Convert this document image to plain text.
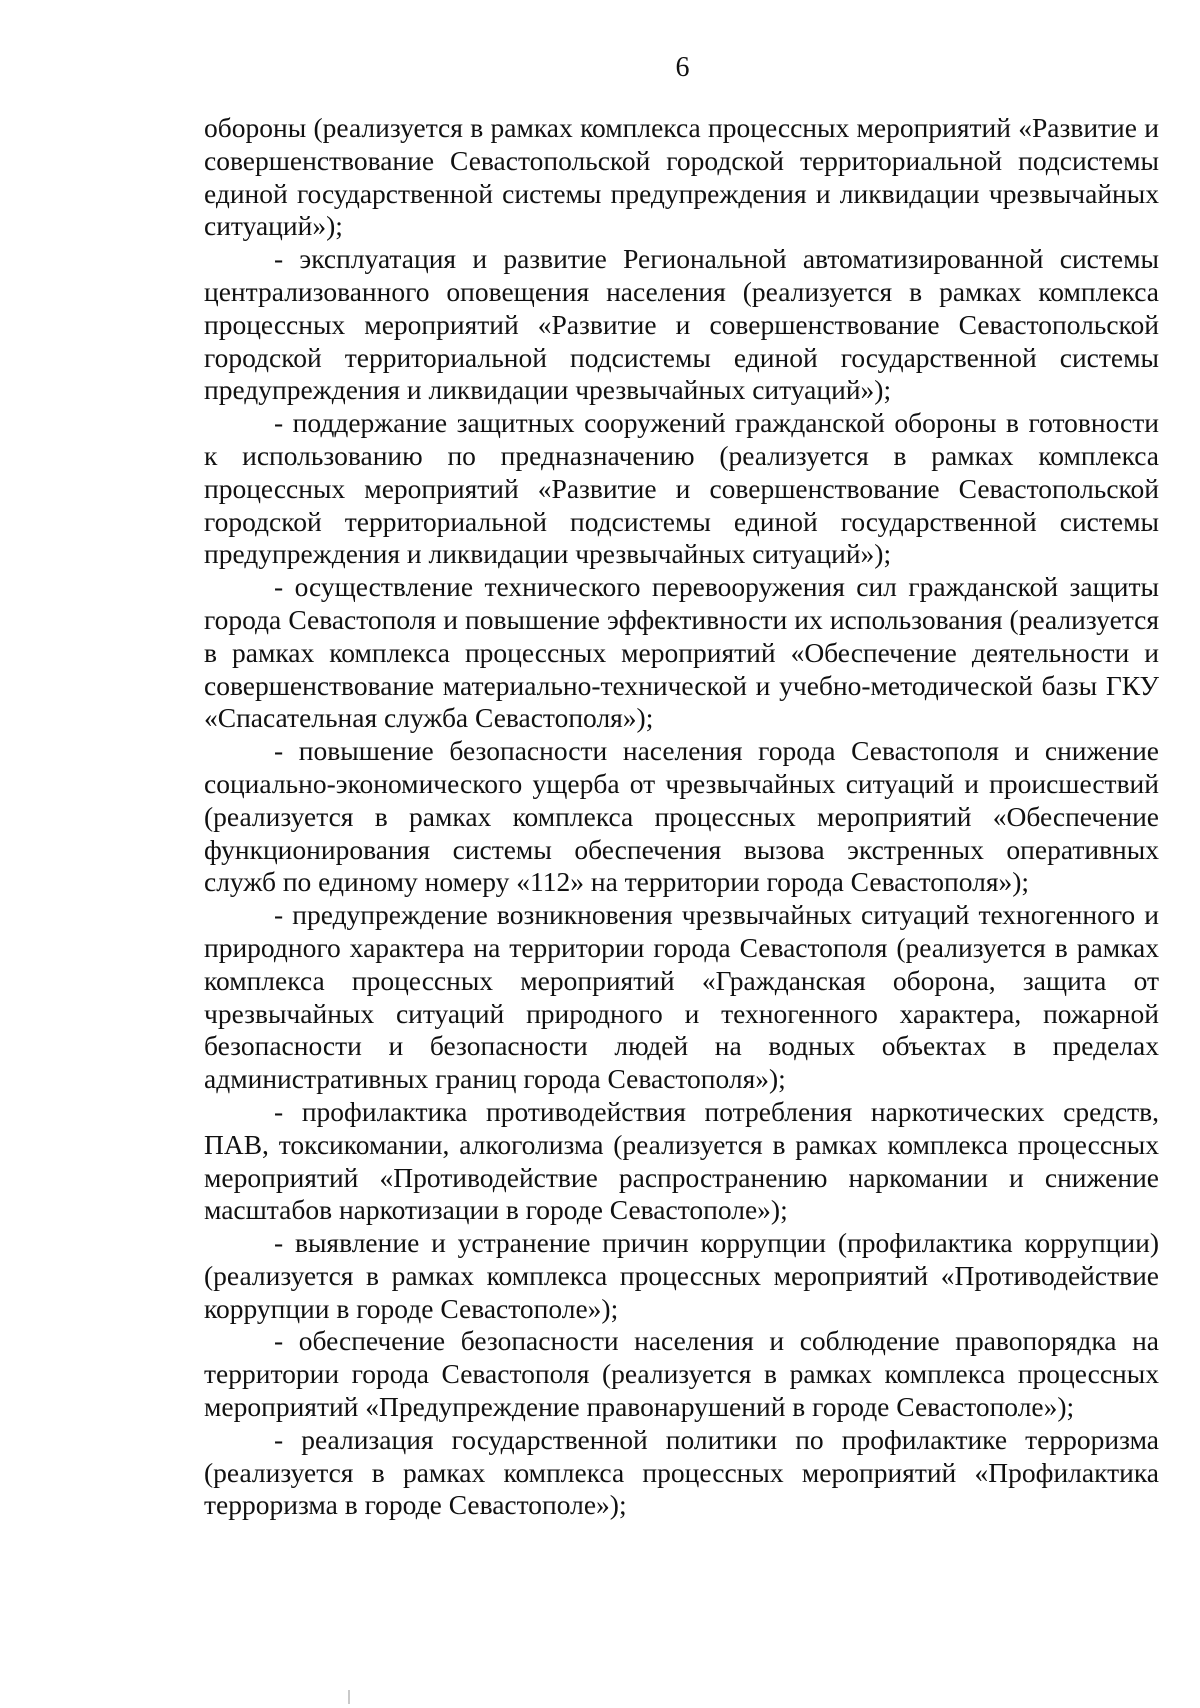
6

обороны (реализуется в рамках комплекса процессных мероприятий «Развитие и совершенствование Севастопольской городской территориальной подсистемы единой государственной системы предупреждения и ликвидации чрезвычайных ситуаций»);

- эксплуатация и развитие Региональной автоматизированной системы централизованного оповещения населения (реализуется в рамках комплекса процессных мероприятий «Развитие и совершенствование Севастопольской городской территориальной подсистемы единой государственной системы предупреждения и ликвидации чрезвычайных ситуаций»);

- поддержание защитных сооружений гражданской обороны в готовности к использованию по предназначению (реализуется в рамках комплекса процессных мероприятий «Развитие и совершенствование Севастопольской городской территориальной подсистемы единой государственной системы предупреждения и ликвидации чрезвычайных ситуаций»);

- осуществление технического перевооружения сил гражданской защиты города Севастополя и повышение эффективности их использования (реализуется в рамках комплекса процессных мероприятий «Обеспечение деятельности и совершенствование материально-технической и учебно-методической базы ГКУ «Спасательная служба Севастополя»);

- повышение безопасности населения города Севастополя и снижение социально-экономического ущерба от чрезвычайных ситуаций и происшествий (реализуется в рамках комплекса процессных мероприятий «Обеспечение функционирования системы обеспечения вызова экстренных оперативных служб по единому номеру «112» на территории города Севастополя»);

- предупреждение возникновения чрезвычайных ситуаций техногенного и природного характера на территории города Севастополя (реализуется в рамках комплекса процессных мероприятий «Гражданская оборона, защита от чрезвычайных ситуаций природного и техногенного характера, пожарной безопасности и безопасности людей на водных объектах в пределах административных границ города Севастополя»);

- профилактика противодействия потребления наркотических средств, ПАВ, токсикомании, алкоголизма (реализуется в рамках комплекса процессных мероприятий «Противодействие распространению наркомании и снижение масштабов наркотизации в городе Севастополе»);

- выявление и устранение причин коррупции (профилактика коррупции) (реализуется в рамках комплекса процессных мероприятий «Противодействие коррупции в городе Севастополе»);

- обеспечение безопасности населения и соблюдение правопорядка на территории города Севастополя (реализуется в рамках комплекса процессных мероприятий «Предупреждение правонарушений в городе Севастополе»);

- реализация государственной политики по профилактике терроризма (реализуется в рамках комплекса процессных мероприятий «Профилактика терроризма в городе Севастополе»);
